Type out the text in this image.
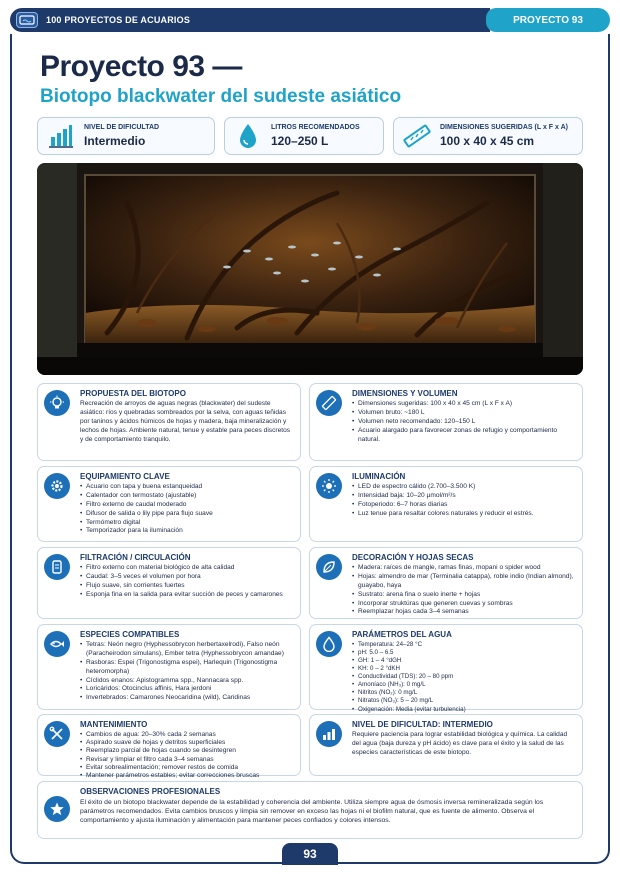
100 PROYECTOS DE ACUARIOS	PROYECTO 93
Proyecto 93 —
Biotopo blackwater del sudeste asiático
NIVEL DE DIFICULTAD
Intermedio
LITROS RECOMENDADOS
120–250 L
DIMENSIONES SUGERIDAS (L x F x A)
100 x 40 x 45 cm
PROPUESTA DEL BIOTOPO
Recreación de arroyos de aguas negras (blackwater) del sudeste asiático: ríos y quebradas sombreados por la selva, con aguas teñidas por taninos y ácidos húmicos de hojas y madera, baja mineralización y lechos de hojas. Ambiente natural, tenue y estable para peces discretos y de comportamiento tranquilo.
DIMENSIONES Y VOLUMEN
• Dimensiones sugeridas: 100 x 40 x 45 cm (L x F x A)
• Volumen bruto: ~180 L
• Volumen neto recomendado: 120–150 L
• Acuario alargado para favorecer zonas de refugio y comportamiento natural.
EQUIPAMIENTO CLAVE
• Acuario con tapa y buena estanqueidad
• Calentador con termostato (ajustable)
• Filtro externo de caudal moderado
• Difusor de salida o lily pipe para flujo suave
• Termómetro digital
• Temporizador para la iluminación
ILUMINACIÓN
• LED de espectro cálido (2.700–3.500 K)
• Intensidad baja: 10–20 µmol/m²/s
• Fotoperiodo: 6–7 horas diarias
• Luz tenue para resaltar colores naturales y reducir el estrés.
FILTRACIÓN / CIRCULACIÓN
• Filtro externo con material biológico de alta calidad
• Caudal: 3–5 veces el volumen por hora
• Flujo suave, sin corrientes fuertes
• Esponja fina en la salida para evitar succión de peces y camarones
DECORACIÓN Y HOJAS SECAS
• Madera: raíces de mangle, ramas finas, mopani o spider wood
• Hojas: almendro de mar (Terminalia catappa), roble indio (Indian almond), guayabo, haya
• Sustrato: arena fina o suelo inerte + hojas
• Incorporar struktúras que generen cuevas y sombras
• Reemplazar hojas cada 3–4 semanas
ESPECIES COMPATIBLES
• Tetras: Neón negro (Hyphessobrycon herbertaxelrodi), Falso neón (Paracheirodon simulans), Ember tetra (Hyphessobrycon amandae)
• Rasboras: Espei (Trigonostigma espei), Harlequin (Trigonostigma heteromorpha)
• Cíclidos enanos: Apistogramma spp., Nannacara spp.
• Loricáridos: Otocinclus affinis, Hara jerdoni
• Invertebrados: Camarones Neocaridina (wild), Caridinas
PARÁMETROS DEL AGUA
• Temperatura: 24–28 °C
• pH: 5.0 – 6.5
• GH: 1 – 4 °dGH
• KH: 0 – 2 °dKH
• Conductividad (TDS): 20 – 80 ppm
• Amoníaco (NH₃): 0 mg/L
• Nitritos (NO₂): 0 mg/L
• Nitratos (NO₃): 5 – 20 mg/L
• Oxigenación: Media (evitar turbulencia)
MANTENIMIENTO
• Cambios de agua: 20–30% cada 2 semanas
• Aspirado suave de hojas y detritos superficiales
• Reemplazo parcial de hojas cuando se desintegren
• Revisar y limpiar el filtro cada 3–4 semanas
• Evitar sobrealimentación; remover restos de comida
• Mantener parámetros estables; evitar correcciones bruscas
NIVEL DE DIFICULTAD: INTERMEDIO
Requiere paciencia para lograr estabilidad biológica y química. La calidad del agua (baja dureza y pH ácido) es clave para el éxito y la salud de las especies características de este biotopo.
OBSERVACIONES PROFESIONALES
El éxito de un biotopo blackwater depende de la estabilidad y coherencia del ambiente. Utiliza siempre agua de ósmosis inversa remineralizada según los parámetros recomendados. Evita cambios bruscos y limpia sin remover en exceso las hojas ni el biofilm natural, que es fuente de alimento. Observa el comportamiento y ajusta iluminación y alimentación para mantener peces confiados y colores intensos.
93
